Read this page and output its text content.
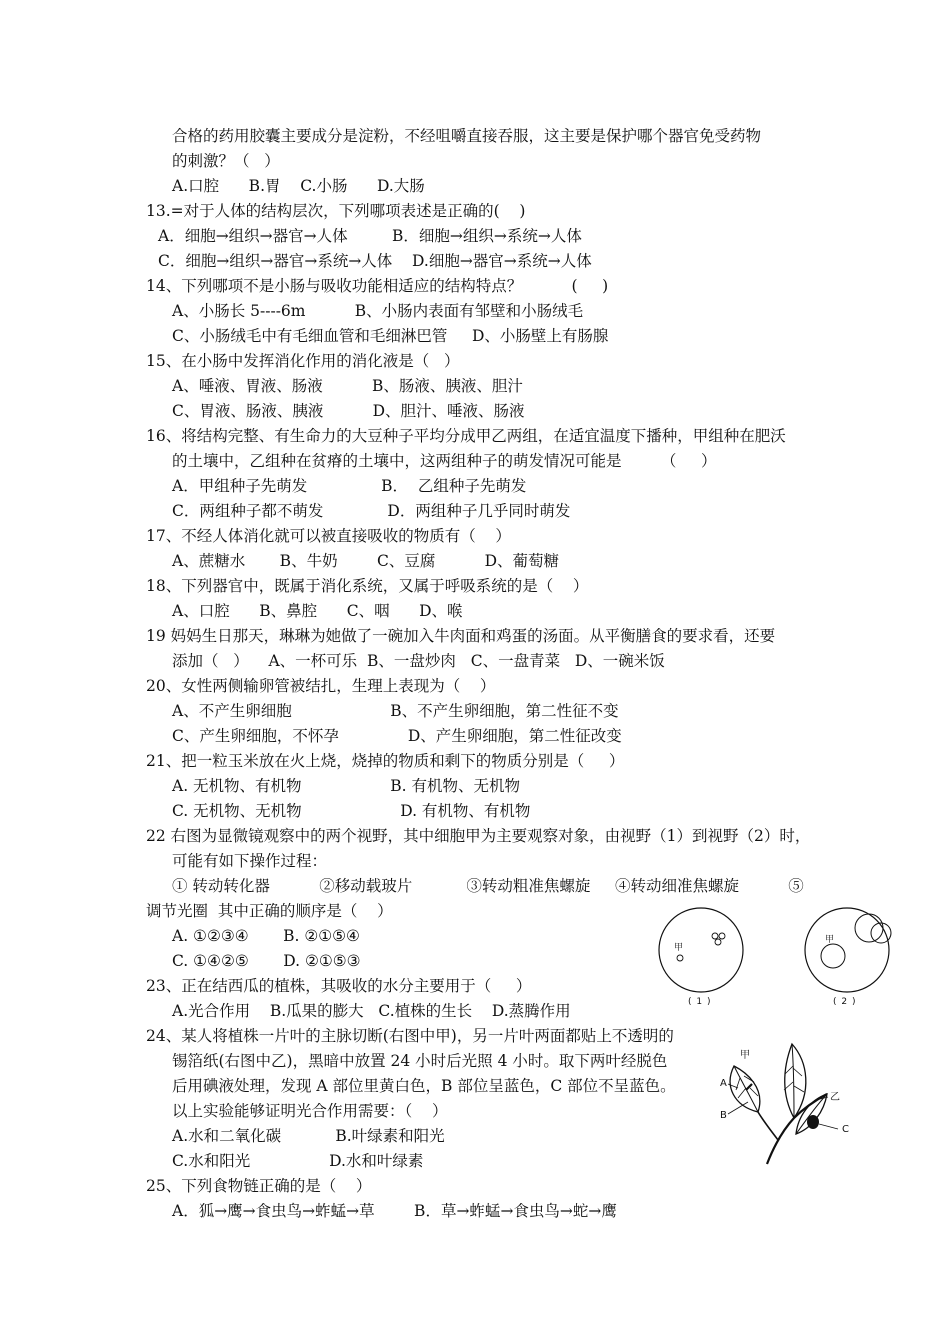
合格的药用胶囊主要成分是淀粉，不经咀嚼直接吞服，这主要是保护哪个器官免受药物
的刺激？（   ）
A.口腔      B.胃    C.小肠      D.大肠
13.=对于人体的结构层次，下列哪项表述是正确的(    )
A．细胞→组织→器官→人体         B．细胞→组织→系统→人体
C．细胞→组织→器官→系统→人体    D.细胞→器官→系统→人体
14、下列哪项不是小肠与吸收功能相适应的结构特点？          (     )
A、小肠长 5----6m          B、小肠内表面有邹壁和小肠绒毛
C、小肠绒毛中有毛细血管和毛细淋巴管     D、小肠壁上有肠腺
15、在小肠中发挥消化作用的消化液是（   ）
A、唾液、胃液、肠液          B、肠液、胰液、胆汁
C、胃液、肠液、胰液          D、胆汁、唾液、肠液
16、将结构完整、有生命力的大豆种子平均分成甲乙两组，在适宜温度下播种，甲组种在肥沃
的土壤中，乙组种在贫瘠的土壤中，这两组种子的萌发情况可能是        （     ）
A．甲组种子先萌发               B．  乙组种子先萌发
C．两组种子都不萌发             D．两组种子几乎同时萌发
17、不经人体消化就可以被直接吸收的物质有（    ）
A、蔗糖水       B、牛奶        C、豆腐          D、葡萄糖
18、下列器官中，既属于消化系统，又属于呼吸系统的是（    ）
A、口腔      B、鼻腔      C、咽      D、喉
19 妈妈生日那天，琳琳为她做了一碗加入牛肉面和鸡蛋的汤面。从平衡膳食的要求看，还要
添加（   ）    A、一杯可乐  B、一盘炒肉   C、一盘青菜   D、一碗米饭
20、女性两侧输卵管被结扎，生理上表现为（    ）
A、不产生卵细胞                    B、不产生卵细胞，第二性征不变
C、产生卵细胞，不怀孕              D、产生卵细胞，第二性征改变
21、把一粒玉米放在火上烧，烧掉的物质和剩下的物质分别是（     ）
A. 无机物、有机物                  B. 有机物、无机物
C. 无机物、无机物                    D. 有机物、有机物
22 右图为显微镜观察中的两个视野，其中细胞甲为主要观察对象，由视野（1）到视野（2）时，
可能有如下操作过程：
① 转动转化器          ②移动载玻片           ③转动粗准焦螺旋     ④转动细准焦螺旋          ⑤
调节光圈  其中正确的顺序是（    ）
A. ①②③④       B. ②①⑤④
C. ①④②⑤       D. ②①⑤③
23、正在结西瓜的植株，其吸收的水分主要用于（     ）
A.光合作用    B.瓜果的膨大   C.植株的生长    D.蒸腾作用
24、某人将植株一片叶的主脉切断(右图中甲)，另一片叶两面都贴上不透明的
锡箔纸(右图中乙)，黑暗中放置 24 小时后光照 4 小时。取下两叶经脱色
后用碘液处理，发现 A 部位里黄白色，B 部位呈蓝色，C 部位不呈蓝色。
以上实验能够证明光合作用需要：（    ）
A.水和二氧化碳           B.叶绿素和阳光
C.水和阳光                D.水和叶绿素
25、下列食物链正确的是（    ）
A．狐→鹰→食虫鸟→蚱蜢→草        B．草→蚱蜢→食虫鸟→蛇→鹰
甲
甲
( 1 )	( 2 )
甲
乙
A
B
C
